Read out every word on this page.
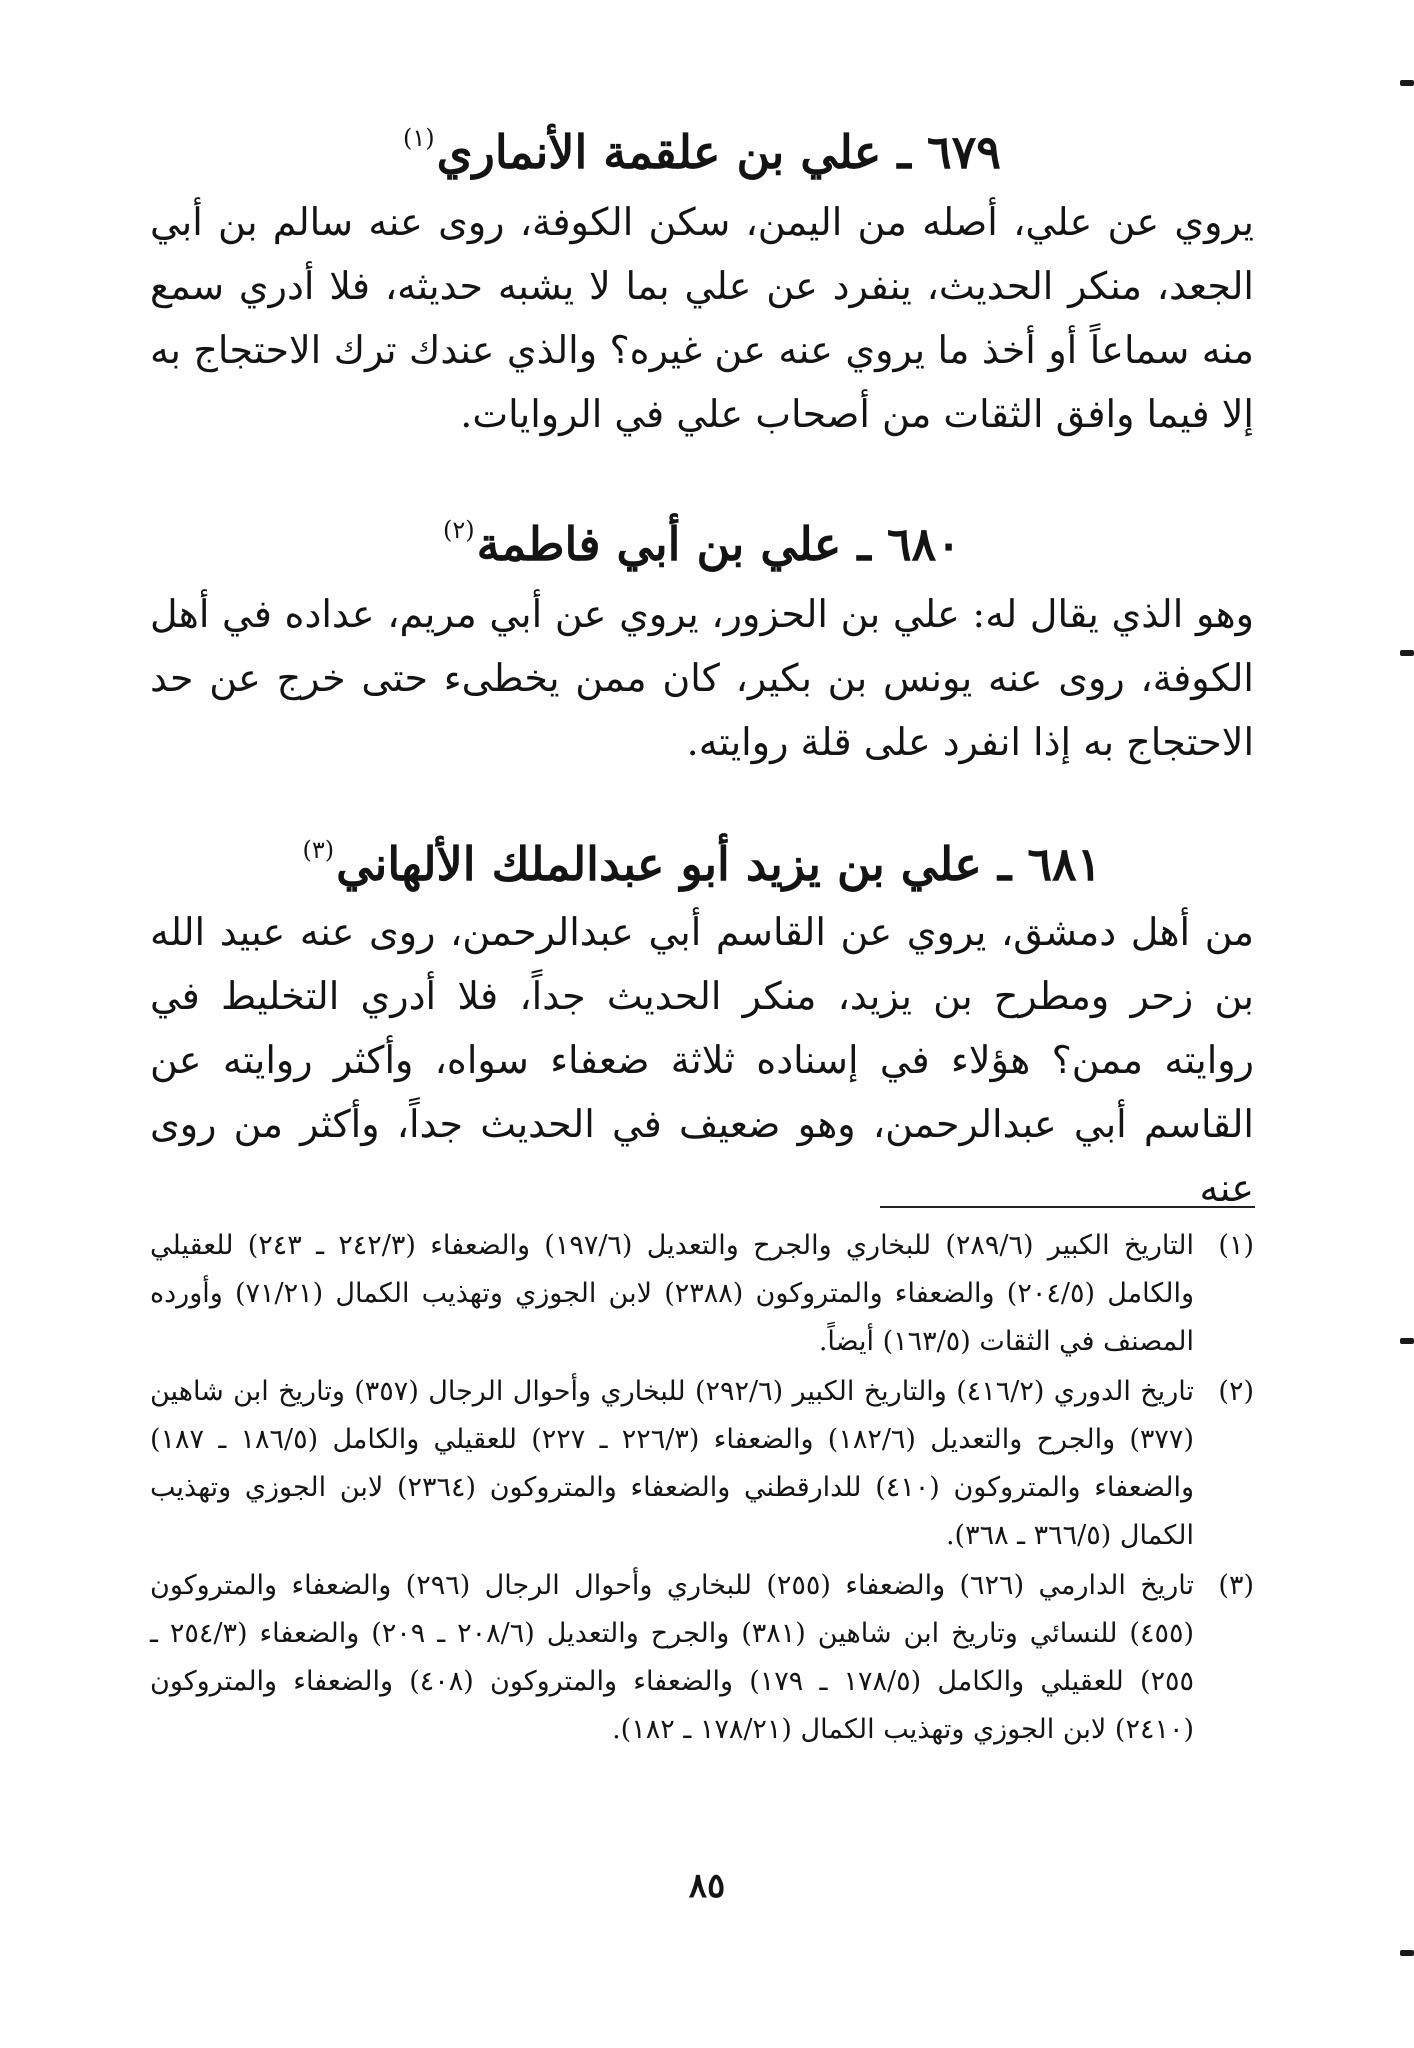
٦٧٩ ـ علي بن علقمة الأنماري$^{(١)}$

يروي عن علي، أصله من اليمن، سكن الكوفة، روى عنه سالم بن أبي الجعد، منكر الحديث، ينفرد عن علي بما لا يشبه حديثه، فلا أدري سمع منه سماعاً أو أخذ ما يروي عنه عن غيره؟ والذي عندك ترك الاحتجاج به إلا فيما وافق الثقات من أصحاب علي في الروايات.

٦٨٠ ـ علي بن أبي فاطمة$^{(٢)}$

وهو الذي يقال له: علي بن الحزور، يروي عن أبي مريم، عداده في أهل الكوفة، روى عنه يونس بن بكير، كان ممن يخطىء حتى خرج عن حد الاحتجاج به إذا انفرد على قلة روايته.

٦٨١ ـ علي بن يزيد أبو عبدالملك الألهاني$^{(٣)}$

من أهل دمشق، يروي عن القاسم أبي عبدالرحمن، روى عنه عبيد الله بن زحر ومطرح بن يزيد، منكر الحديث جداً، فلا أدري التخليط في روايته ممن؟ هؤلاء في إسناده ثلاثة ضعفاء سواه، وأكثر روايته عن القاسم أبي عبدالرحمن، وهو ضعيف في الحديث جداً، وأكثر من روى عنه

(١)
التاريخ الكبير (٢٨٩/٦) للبخاري والجرح والتعديل (١٩٧/٦) والضعفاء (٢٤٢/٣ ـ ٢٤٣) للعقيلي والكامل (٢٠٤/٥) والضعفاء والمتروكون (٢٣٨٨) لابن الجوزي وتهذيب الكمال (٧١/٢١) وأورده المصنف في الثقات (١٦٣/٥) أيضاً.
(٢)
تاريخ الدوري (٤١٦/٢) والتاريخ الكبير (٢٩٢/٦) للبخاري وأحوال الرجال (٣٥٧) وتاريخ ابن شاهين (٣٧٧) والجرح والتعديل (١٨٢/٦) والضعفاء (٢٢٦/٣ ـ ٢٢٧) للعقيلي والكامل (١٨٦/٥ ـ ١٨٧) والضعفاء والمتروكون (٤١٠) للدارقطني والضعفاء والمتروكون (٢٣٦٤) لابن الجوزي وتهذيب الكمال (٣٦٦/٥ ـ ٣٦٨).
(٣)
تاريخ الدارمي (٦٢٦) والضعفاء (٢٥٥) للبخاري وأحوال الرجال (٢٩٦) والضعفاء والمتروكون (٤٥٥) للنسائي وتاريخ ابن شاهين (٣٨١) والجرح والتعديل (٢٠٨/٦ ـ ٢٠٩) والضعفاء (٢٥٤/٣ ـ ٢٥٥) للعقيلي والكامل (١٧٨/٥ ـ ١٧٩) والضعفاء والمتروكون (٤٠٨) والضعفاء والمتروكون (٢٤١٠) لابن الجوزي وتهذيب الكمال (١٧٨/٢١ ـ ١٨٢).
٨٥
